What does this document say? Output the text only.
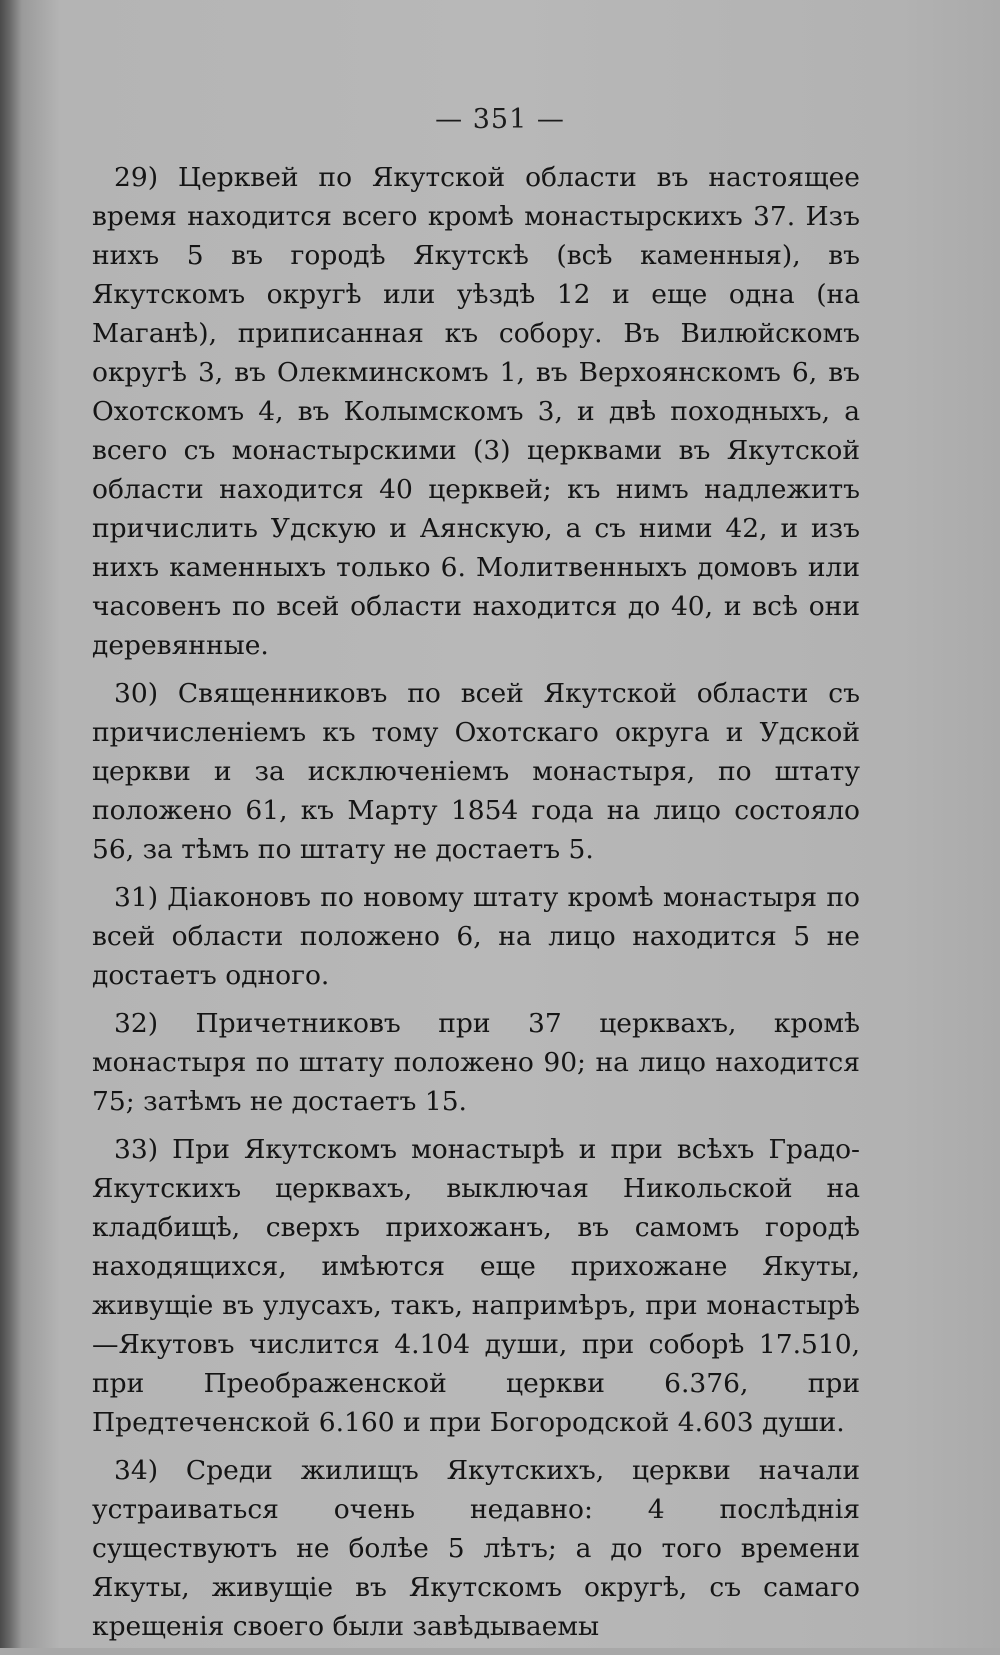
— 351 —

29) Церквей по Якутской области въ настоящее время находится всего кромѣ монастырскихъ 37. Изъ нихъ 5 въ городѣ Якутскѣ (всѣ каменныя), въ Якутскомъ округѣ или уѣздѣ 12 и еще одна (на Маганѣ), приписанная къ собору. Въ Вилюйскомъ округѣ 3, въ Олекминскомъ 1, въ Верхоянскомъ 6, въ Охотскомъ 4, въ Колымскомъ 3, и двѣ походныхъ, а всего съ монастырскими (3) церквами въ Якутской области находится 40 церквей; къ нимъ надлежитъ причислить Удскую и Аянскую, а съ ними 42, и изъ нихъ каменныхъ только 6. Молитвенныхъ домовъ или часовенъ по всей области находится до 40, и всѣ они деревянные.

30) Священниковъ по всей Якутской области съ причисленіемъ къ тому Охотскаго округа и Удской церкви и за исключеніемъ монастыря, по штату положено 61, къ Марту 1854 года на лицо состояло 56, за тѣмъ по штату не достаетъ 5.

31) Діаконовъ по новому штату кромѣ монастыря по всей области положено 6, на лицо находится 5 не достаетъ одного.

32) Причетниковъ при 37 церквахъ, кромѣ монастыря по штату положено 90; на лицо находится 75; затѣмъ не достаетъ 15.

33) При Якутскомъ монастырѣ и при всѣхъ Градо-Якутскихъ церквахъ, выключая Никольской на кладбищѣ, сверхъ прихожанъ, въ самомъ городѣ находящихся, имѣются еще прихожане Якуты, живущіе въ улусахъ, такъ, напримѣръ, при монастырѣ—Якутовъ числится 4.104 души, при соборѣ 17.510, при Преображенской церкви 6.376, при Предтеченской 6.160 и при Богородской 4.603 души.

34) Среди жилищъ Якутскихъ, церкви начали устраиваться очень недавно: 4 послѣднія существуютъ не болѣе 5 лѣтъ; а до того времени Якуты, живущіе въ Якутскомъ округѣ, съ самаго крещенія своего были завѣдываемы
